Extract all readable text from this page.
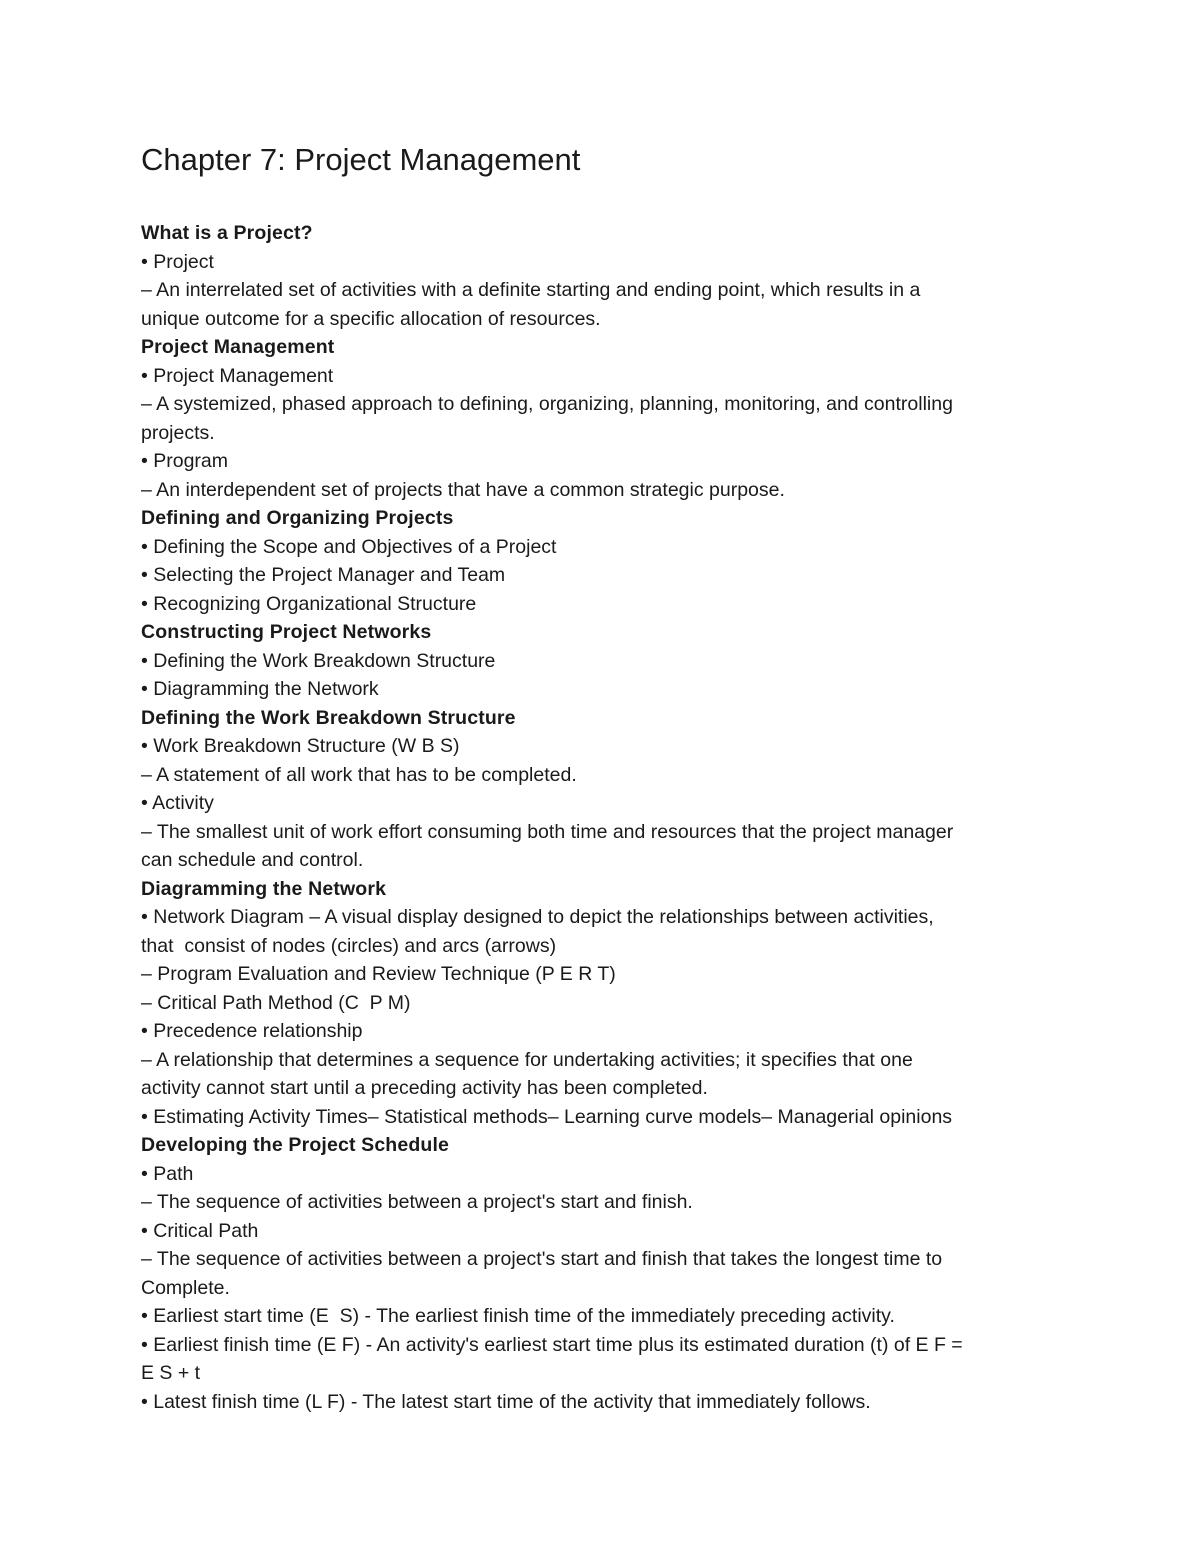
Chapter 7: Project Management

What is a Project?

• Project

– An interrelated set of activities with a definite starting and ending point, which results in a

unique outcome for a specific allocation of resources.

Project Management

• Project Management

– A systemized, phased approach to defining, organizing, planning, monitoring, and controlling

projects.

• Program

– An interdependent set of projects that have a common strategic purpose.

Defining and Organizing Projects

• Defining the Scope and Objectives of a Project

• Selecting the Project Manager and Team

• Recognizing Organizational Structure

Constructing Project Networks

• Defining the Work Breakdown Structure

• Diagramming the Network

Defining the Work Breakdown Structure

• Work Breakdown Structure (W B S)

– A statement of all work that has to be completed.

• Activity

– The smallest unit of work effort consuming both time and resources that the project manager

can schedule and control.

Diagramming the Network

• Network Diagram – A visual display designed to depict the relationships between activities,

that  consist of nodes (circles) and arcs (arrows)

– Program Evaluation and Review Technique (P E R T)

– Critical Path Method (C  P M)

• Precedence relationship

– A relationship that determines a sequence for undertaking activities; it specifies that one

activity cannot start until a preceding activity has been completed.

• Estimating Activity Times– Statistical methods– Learning curve models– Managerial opinions

Developing the Project Schedule

• Path

– The sequence of activities between a project's start and finish.

• Critical Path

– The sequence of activities between a project's start and finish that takes the longest time to

Complete.

• Earliest start time (E  S) - The earliest finish time of the immediately preceding activity.

• Earliest finish time (E F) - An activity's earliest start time plus its estimated duration (t) of E F =

E S + t

• Latest finish time (L F) - The latest start time of the activity that immediately follows.
